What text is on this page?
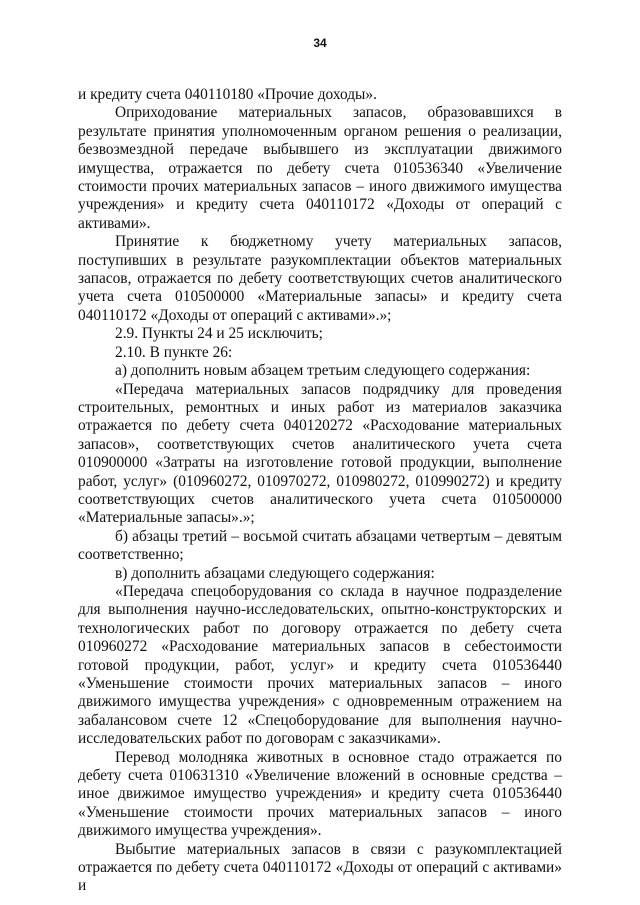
34

и кредиту счета 040110180 «Прочие доходы».

Оприходование материальных запасов, образовавшихся в результате принятия уполномоченным органом решения о реализации, безвозмездной передаче выбывшего из эксплуатации движимого имущества, отражается по дебету счета 010536340 «Увеличение стоимости прочих материальных запасов – иного движимого имущества учреждения» и кредиту счета 040110172 «Доходы от операций с активами».

Принятие к бюджетному учету материальных запасов, поступивших в результате разукомплектации объектов материальных запасов, отражается по дебету соответствующих счетов аналитического учета счета 010500000 «Материальные запасы» и кредиту счета 040110172 «Доходы от операций с активами».»;

2.9. Пункты 24 и 25 исключить;

2.10. В пункте 26:

а) дополнить новым абзацем третьим следующего содержания:

«Передача материальных запасов подрядчику для проведения строительных, ремонтных и иных работ из материалов заказчика отражается по дебету счета 040120272 «Расходование материальных запасов», соответствующих счетов аналитического учета счета 010900000 «Затраты на изготовление готовой продукции, выполнение работ, услуг» (010960272, 010970272, 010980272, 010990272) и кредиту соответствующих счетов аналитического учета счета 010500000 «Материальные запасы».»;

б) абзацы третий – восьмой считать абзацами четвертым – девятым соответственно;

в) дополнить абзацами следующего содержания:

«Передача спецоборудования со склада в научное подразделение для выполнения научно-исследовательских, опытно-конструкторских и технологических работ по договору отражается по дебету счета 010960272 «Расходование материальных запасов в себестоимости готовой продукции, работ, услуг» и кредиту счета 010536440 «Уменьшение стоимости прочих материальных запасов – иного движимого имущества учреждения» с одновременным отражением на забалансовом счете 12 «Спецоборудование для выполнения научно-исследовательских работ по договорам с заказчиками».

Перевод молодняка животных в основное стадо отражается по дебету счета 010631310 «Увеличение вложений в основные средства – иное движимое имущество учреждения» и кредиту счета 010536440 «Уменьшение стоимости прочих материальных запасов – иного движимого имущества учреждения».

Выбытие материальных запасов в связи с разукомплектацией отражается по дебету счета 040110172 «Доходы от операций с активами» и
